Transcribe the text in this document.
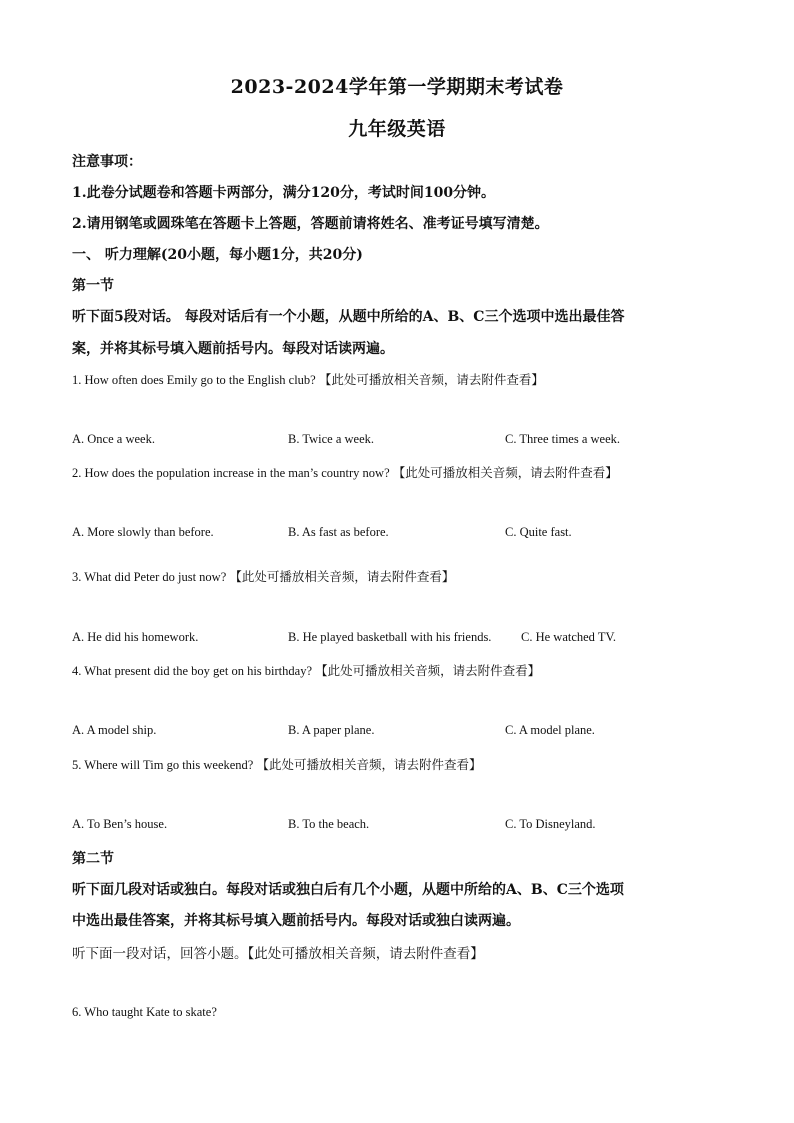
2023-2024学年第一学期期末考试卷
九年级英语
注意事项：
1.此卷分试题卷和答题卡两部分，满分120分，考试时间100分钟。
2.请用钢笔或圆珠笔在答题卡上答题，答题前请将姓名、准考证号填写清楚。
一、 听力理解(20小题，每小题1分，共20分)
第一节
听下面5段对话。 每段对话后有一个小题，从题中所给的A、B、C三个选项中选出最佳答
案，并将其标号填入题前括号内。每段对话读两遍。
1. How often does Emily go to the English club? 【此处可播放相关音频，请去附件查看】
A. Once a week.	B. Twice a week.	C. Three times a week.
2. How does the population increase in the man’s country now? 【此处可播放相关音频，请去附件查看】
A. More slowly than before.	B. As fast as before.	C. Quite fast.
3. What did Peter do just now? 【此处可播放相关音频，请去附件查看】
A. He did his homework.	B. He played basketball with his friends. C. He watched TV.
4. What present did the boy get on his birthday? 【此处可播放相关音频，请去附件查看】
A. A model ship.	B. A paper plane.	C. A model plane.
5. Where will Tim go this weekend? 【此处可播放相关音频，请去附件查看】
A. To Ben’s house.	B. To the beach.	C. To Disneyland.
第二节
听下面几段对话或独白。每段对话或独白后有几个小题，从题中所给的A、B、C三个选项
中选出最佳答案，并将其标号填入题前括号内。每段对话或独白读两遍。
听下面一段对话，回答小题。【此处可播放相关音频，请去附件查看】
6. Who taught Kate to skate?
